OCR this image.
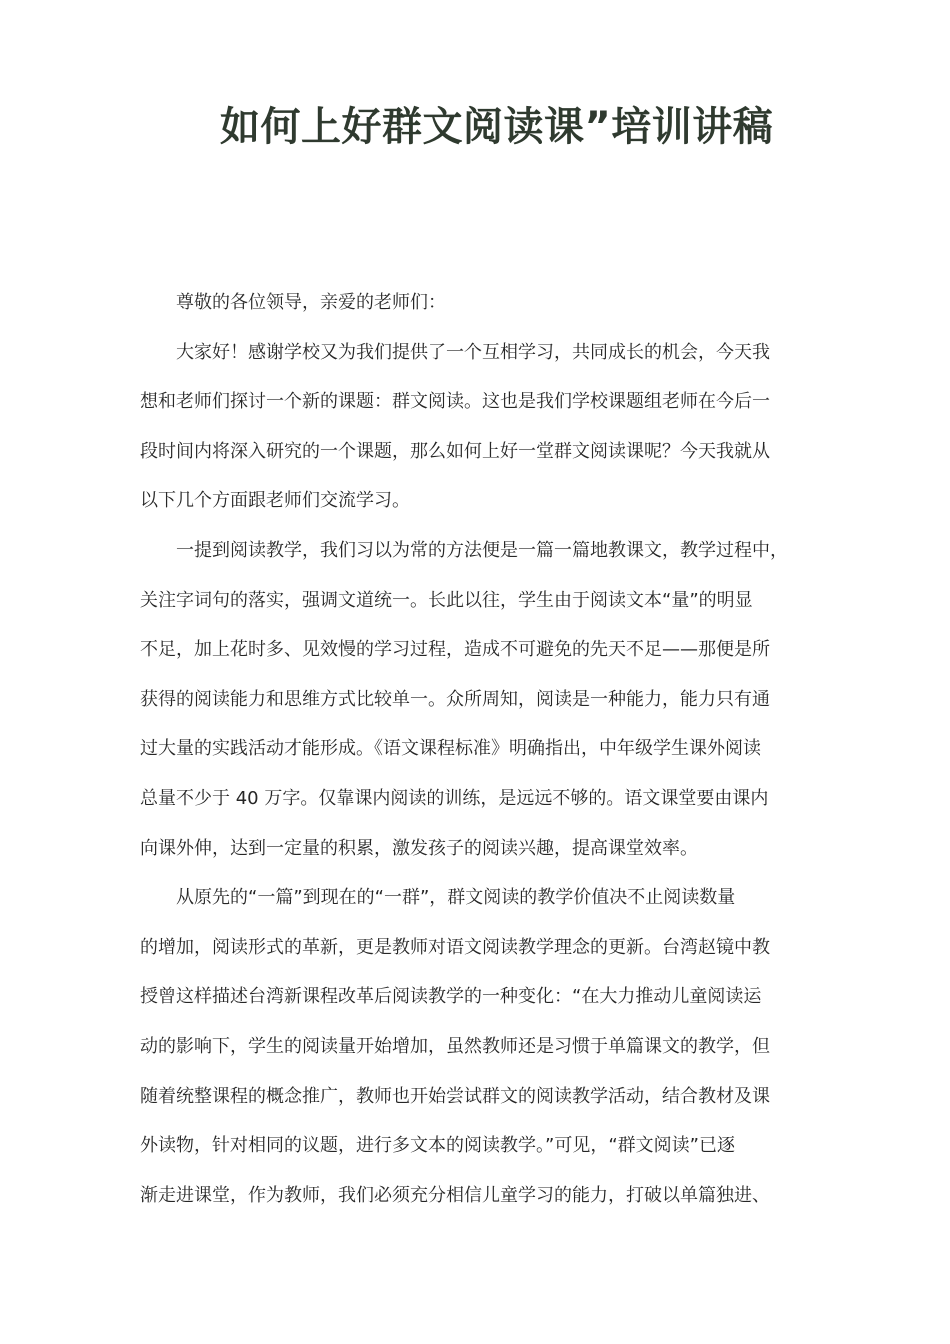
如何上好群文阅读课”培训讲稿

尊敬的各位领导，亲爱的老师们：

大家好！感谢学校又为我们提供了一个互相学习，共同成长的机会，今天我
想和老师们探讨一个新的课题：群文阅读。这也是我们学校课题组老师在今后一
段时间内将深入研究的一个课题，那么如何上好一堂群文阅读课呢？今天我就从
以下几个方面跟老师们交流学习。

一提到阅读教学，我们习以为常的方法便是一篇一篇地教课文，教学过程中，
关注字词句的落实，强调文道统一。长此以往，学生由于阅读文本“量”的明显
不足，加上花时多、见效慢的学习过程，造成不可避免的先天不足——那便是所
获得的阅读能力和思维方式比较单一。众所周知，阅读是一种能力，能力只有通
过大量的实践活动才能形成。《语文课程标准》明确指出，中年级学生课外阅读
总量不少于 40 万字。仅靠课内阅读的训练，是远远不够的。语文课堂要由课内
向课外伸，达到一定量的积累，激发孩子的阅读兴趣，提高课堂效率。

从原先的“一篇”到现在的“一群”，群文阅读的教学价值决不止阅读数量
的增加，阅读形式的革新，更是教师对语文阅读教学理念的更新。台湾赵镜中教
授曾这样描述台湾新课程改革后阅读教学的一种变化：“在大力推动儿童阅读运
动的影响下，学生的阅读量开始增加，虽然教师还是习惯于单篇课文的教学，但
随着统整课程的概念推广，教师也开始尝试群文的阅读教学活动，结合教材及课
外读物，针对相同的议题，进行多文本的阅读教学。”可见，“群文阅读”已逐
渐走进课堂，作为教师，我们必须充分相信儿童学习的能力，打破以单篇独进、
